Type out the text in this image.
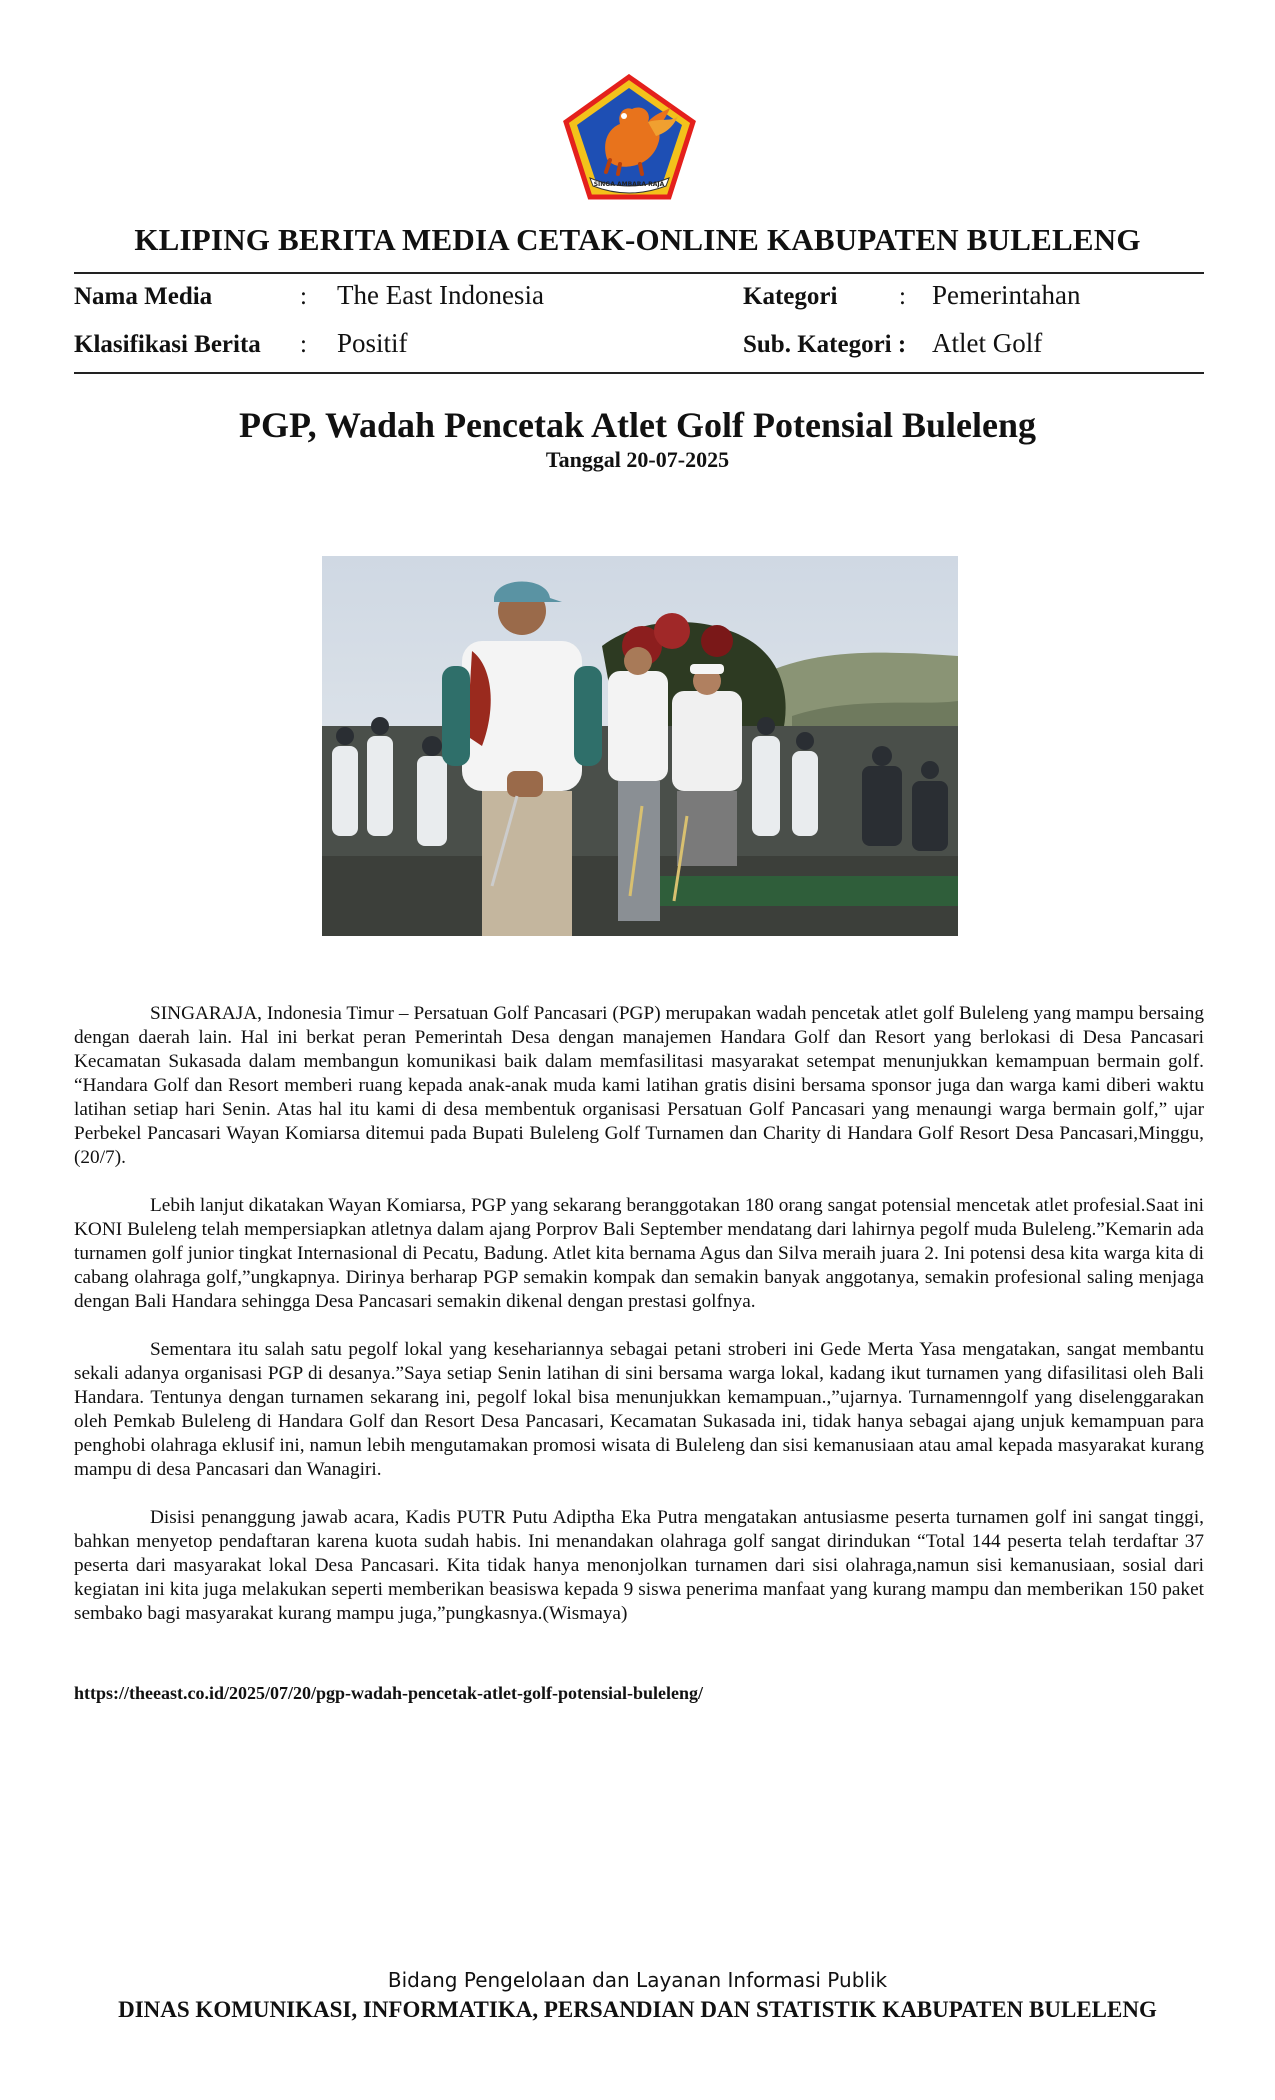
SINGA AMBARA RAJA
KLIPING BERITA MEDIA CETAK-ONLINE KABUPATEN BULELENG
Nama Media	: The East Indonesia	Kategori : Pemerintahan
Klasifikasi Berita : Positif	Sub. Kategori : Atlet Golf
PGP, Wadah Pencetak Atlet Golf Potensial Buleleng
Tanggal 20-07-2025

SINGARAJA, Indonesia Timur – Persatuan Golf Pancasari (PGP) merupakan wadah pencetak atlet golf Buleleng yang mampu bersaing dengan daerah lain. Hal ini berkat peran Pemerintah Desa dengan manajemen Handara Golf dan Resort yang berlokasi di Desa Pancasari Kecamatan Sukasada dalam membangun komunikasi baik dalam memfasilitasi masyarakat setempat menunjukkan kemampuan bermain golf. “Handara Golf dan Resort memberi ruang kepada anak-anak muda kami latihan gratis disini bersama sponsor juga dan warga kami diberi waktu latihan setiap hari Senin. Atas hal itu kami di desa membentuk organisasi Persatuan Golf Pancasari yang menaungi warga bermain golf,” ujar Perbekel Pancasari Wayan Komiarsa ditemui pada Bupati Buleleng Golf Turnamen dan Charity di Handara Golf Resort Desa Pancasari,Minggu,(20/7).

Lebih lanjut dikatakan Wayan Komiarsa, PGP yang sekarang beranggotakan 180 orang sangat potensial mencetak atlet profesial.Saat ini KONI Buleleng telah mempersiapkan atletnya dalam ajang Porprov Bali September mendatang dari lahirnya pegolf muda Buleleng.”Kemarin ada turnamen golf junior tingkat Internasional di Pecatu, Badung. Atlet kita bernama Agus dan Silva meraih juara 2. Ini potensi desa kita warga kita di cabang olahraga golf,”ungkapnya. Dirinya berharap PGP semakin kompak dan semakin banyak anggotanya, semakin profesional saling menjaga dengan Bali Handara sehingga Desa Pancasari semakin dikenal dengan prestasi golfnya.

Sementara itu salah satu pegolf lokal yang kesehariannya sebagai petani stroberi ini Gede Merta Yasa mengatakan, sangat membantu sekali adanya organisasi PGP di desanya.”Saya setiap Senin latihan di sini bersama warga lokal, kadang ikut turnamen yang difasilitasi oleh Bali Handara. Tentunya dengan turnamen sekarang ini, pegolf lokal bisa menunjukkan kemampuan.,”ujarnya. Turnamenngolf yang diselenggarakan oleh Pemkab Buleleng di Handara Golf dan Resort Desa Pancasari, Kecamatan Sukasada ini, tidak hanya sebagai ajang unjuk kemampuan para penghobi olahraga eklusif ini, namun lebih mengutamakan promosi wisata di Buleleng dan sisi kemanusiaan atau amal kepada masyarakat kurang mampu di desa Pancasari dan Wanagiri.

Disisi penanggung jawab acara, Kadis PUTR Putu Adiptha Eka Putra mengatakan antusiasme peserta turnamen golf ini sangat tinggi, bahkan menyetop pendaftaran karena kuota sudah habis. Ini menandakan olahraga golf sangat dirindukan “Total 144 peserta telah terdaftar 37 peserta dari masyarakat lokal Desa Pancasari. Kita tidak hanya menonjolkan turnamen dari sisi olahraga,namun sisi kemanusiaan, sosial dari kegiatan ini kita juga melakukan seperti memberikan beasiswa kepada 9 siswa penerima manfaat yang kurang mampu dan memberikan 150 paket sembako bagi masyarakat kurang mampu juga,”pungkasnya.(Wismaya)

https://theeast.co.id/2025/07/20/pgp-wadah-pencetak-atlet-golf-potensial-buleleng/
Bidang Pengelolaan dan Layanan Informasi Publik
DINAS KOMUNIKASI, INFORMATIKA, PERSANDIAN DAN STATISTIK KABUPATEN BULELENG
